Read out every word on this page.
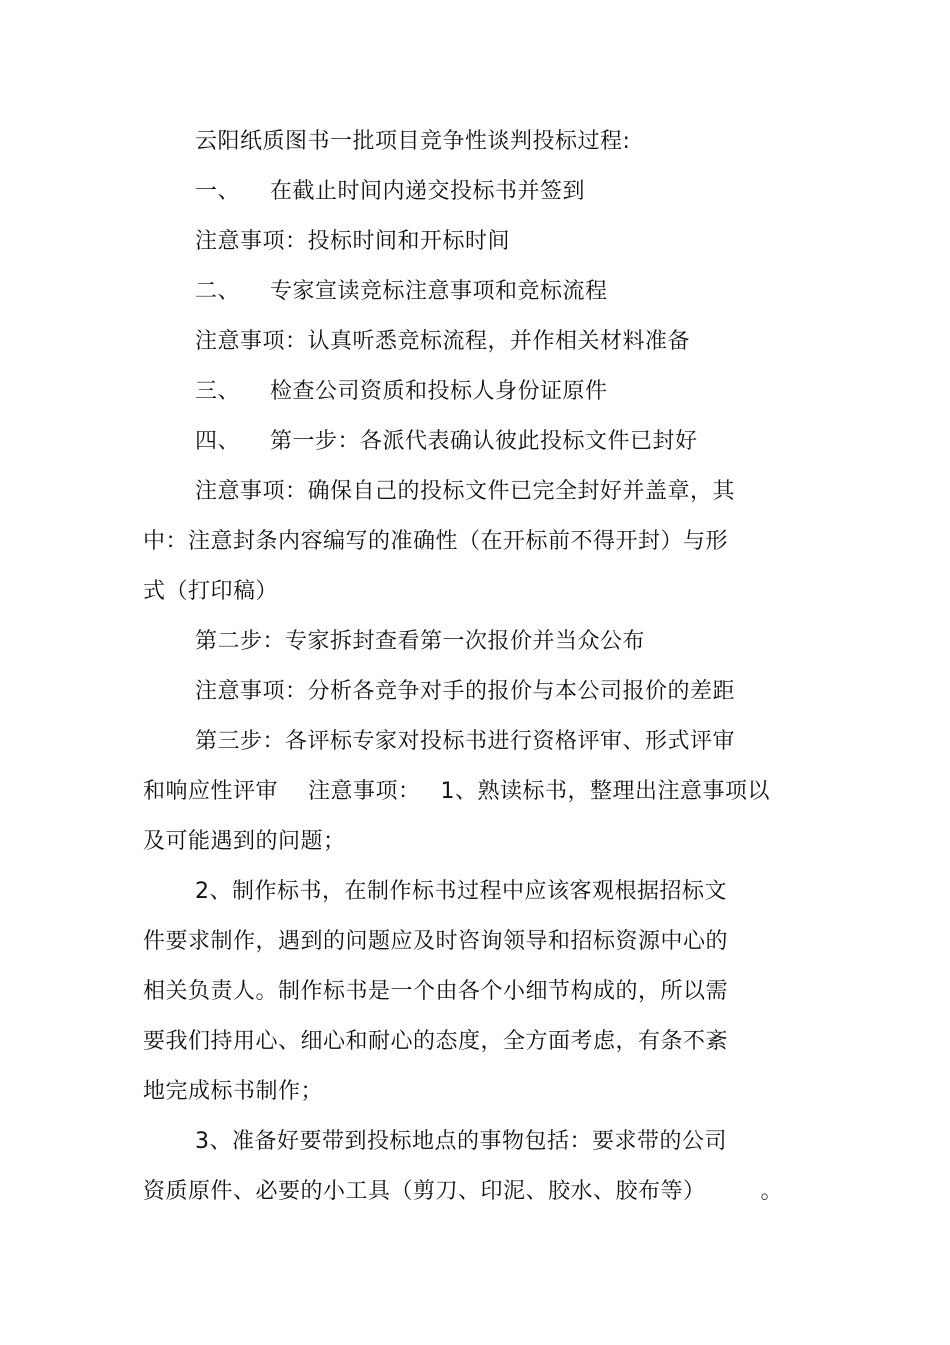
云阳纸质图书一批项目竞争性谈判投标过程:
一、 在截止时间内递交投标书并签到
注意事项：投标时间和开标时间
二、 专家宣读竞标注意事项和竞标流程
注意事项：认真听悉竞标流程，并作相关材料准备
三、 检查公司资质和投标人身份证原件
四、 第一步：各派代表确认彼此投标文件已封好
注意事项：确保自己的投标文件已完全封好并盖章，其
中：注意封条内容编写的准确性（在开标前不得开封）与形
式（打印稿）
第二步：专家拆封查看第一次报价并当众公布
注意事项：分析各竞争对手的报价与本公司报价的差距
第三步：各评标专家对投标书进行资格评审、形式评审
和响应性评审 注意事项： 1、熟读标书，整理出注意事项以
及可能遇到的问题；
2、制作标书，在制作标书过程中应该客观根据招标文
件要求制作，遇到的问题应及时咨询领导和招标资源中心的
相关负责人。制作标书是一个由各个小细节构成的，所以需
要我们持用心、细心和耐心的态度，全方面考虑，有条不紊
地完成标书制作；
3、准备好要带到投标地点的事物包括：要求带的公司
资质原件、必要的小工具（剪刀、印泥、胶水、胶布等）	。
